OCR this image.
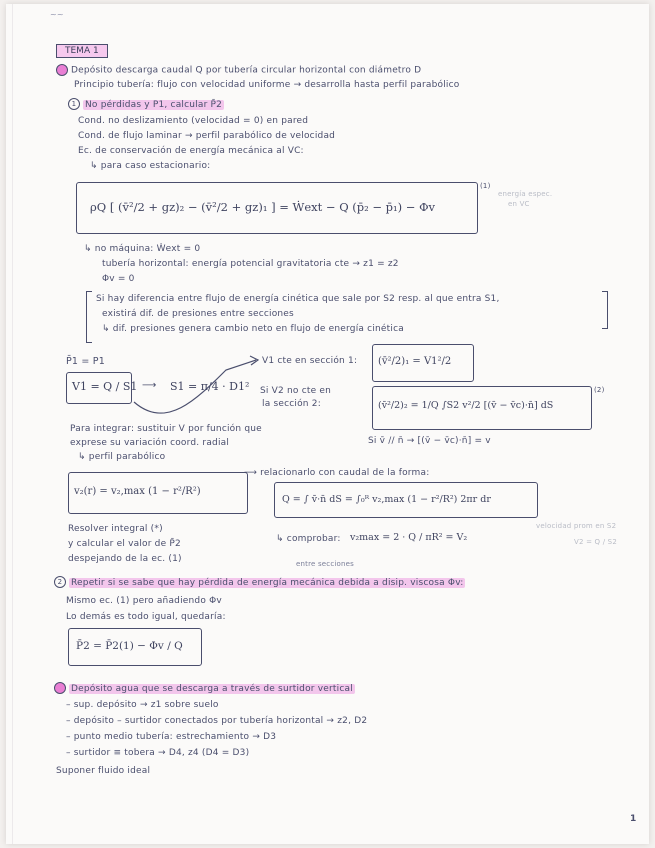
~~
1
TEMA 1
Depósito descarga caudal Q por tubería circular horizontal con diámetro D
Principio tubería: flujo con velocidad uniforme → desarrolla hasta perfil parabólico
1 No pérdidas y P1, calcular P̄2
Cond. no deslizamiento (velocidad = 0) en pared
Cond. de flujo laminar → perfil parabólico de velocidad
Ec. de conservación de energía mecánica al VC:
↳ para caso estacionario:
ρQ [ (v̄²/2 + gz)₂ − (v̄²/2 + gz)₁ ] = Ẇext − Q (p̄₂ − p̄₁) − Φv
(1)
energía espec.
en VC
↳ no máquina: Ẇext = 0
tubería horizontal: energía potencial gravitatoria cte → z1 = z2
Φv = 0
Si hay diferencia entre flujo de energía cinética que sale por S2 resp. al que entra S1,
existirá dif. de presiones entre secciones
↳ dif. presiones genera cambio neto en flujo de energía cinética
P̄1 = P1
V1 = Q / S1 ⟶ S1 = π/4 · D1²
V1 cte en sección 1: (v̄²/2)₁ = V1²/2
Si V2 no cte en
la sección 2:	(v̄²/2)₂ = 1/Q ∫S2 v²/2 [(v̄ − v̄c)·n̄] dS
(2)
Si v̄ // n̄ → [(v̄ − v̄c)·n̄] = v
Para integrar: sustituir V por función que
exprese su variación coord. radial
↳ perfil parabólico
v₂(r) = v₂,max (1 − r²/R²)
⟶ relacionarlo con caudal de la forma:
Q = ∫ v̄·n̄ dS = ∫₀ᴿ v₂,max (1 − r²/R²) 2πr dr
Resolver integral (*)
y calcular el valor de P̄2
despejando de la ec. (1)
↳ comprobar: v₂max = 2 · Q / πR² = V₂
velocidad prom en S2
V2 = Q / S2
entre secciones
2 Repetir si se sabe que hay pérdida de energía mecánica debida a disip. viscosa Φv:
Mismo ec. (1) pero añadiendo Φv
Lo demás es todo igual, quedaría:
P̄2 = P̄2(1) − Φv / Q
Depósito agua que se descarga a través de surtidor vertical
– sup. depósito → z1 sobre suelo
– depósito – surtidor conectados por tubería horizontal → z2, D2
– punto medio tubería: estrechamiento → D3
– surtidor ≡ tobera → D4, z4 (D4 = D3)
Suponer fluido ideal
